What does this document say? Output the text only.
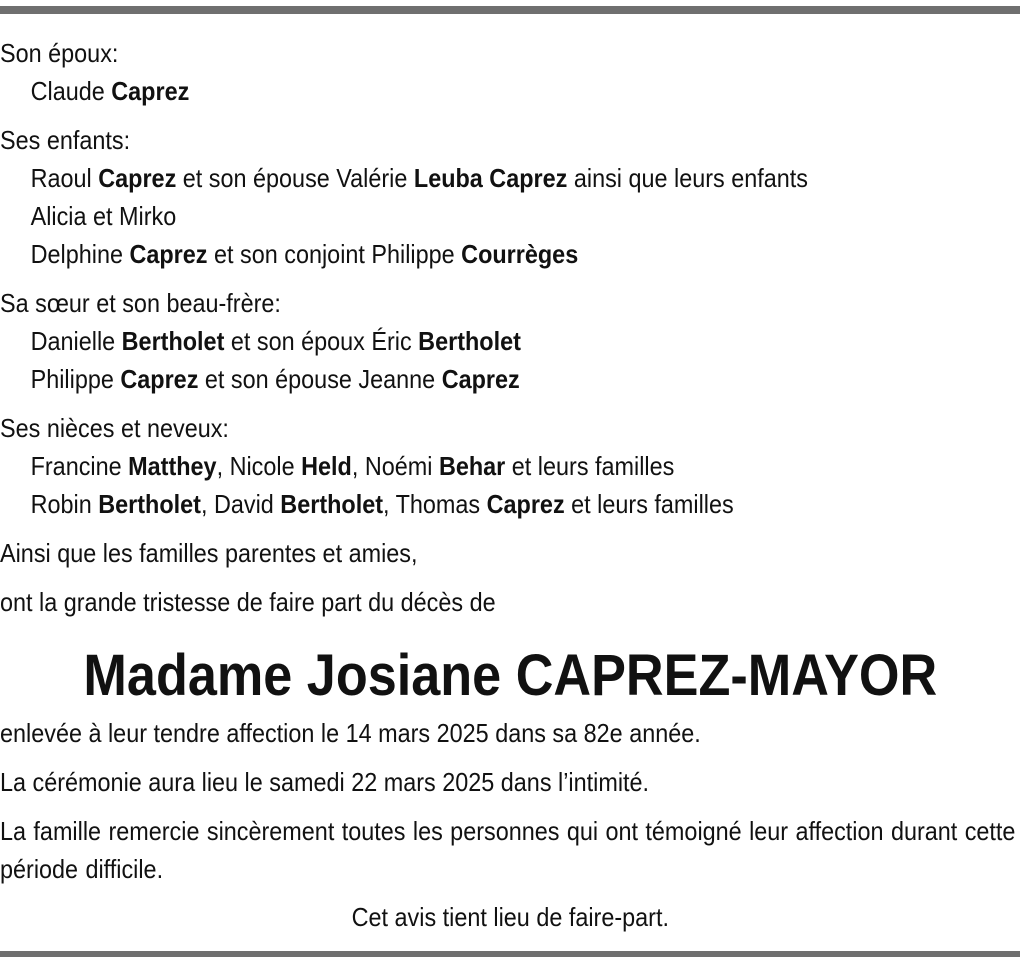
Son époux:
Claude Caprez
Ses enfants:
Raoul Caprez et son épouse Valérie Leuba Caprez ainsi que leurs enfants
Alicia et Mirko
Delphine Caprez et son conjoint Philippe Courrèges
Sa sœur et son beau-frère:
Danielle Bertholet et son époux Éric Bertholet
Philippe Caprez et son épouse Jeanne Caprez
Ses nièces et neveux:
Francine Matthey, Nicole Held, Noémi Behar et leurs familles
Robin Bertholet, David Bertholet, Thomas Caprez et leurs familles

Ainsi que les familles parentes et amies,

ont la grande tristesse de faire part du décès de

Madame Josiane CAPREZ-MAYOR

enlevée à leur tendre affection le 14 mars 2025 dans sa 82e année.

La cérémonie aura lieu le samedi 22 mars 2025 dans l’intimité.

La famille remercie sincèrement toutes les personnes qui ont témoigné leur affection durant cette période difficile.

Cet avis tient lieu de faire-part.
